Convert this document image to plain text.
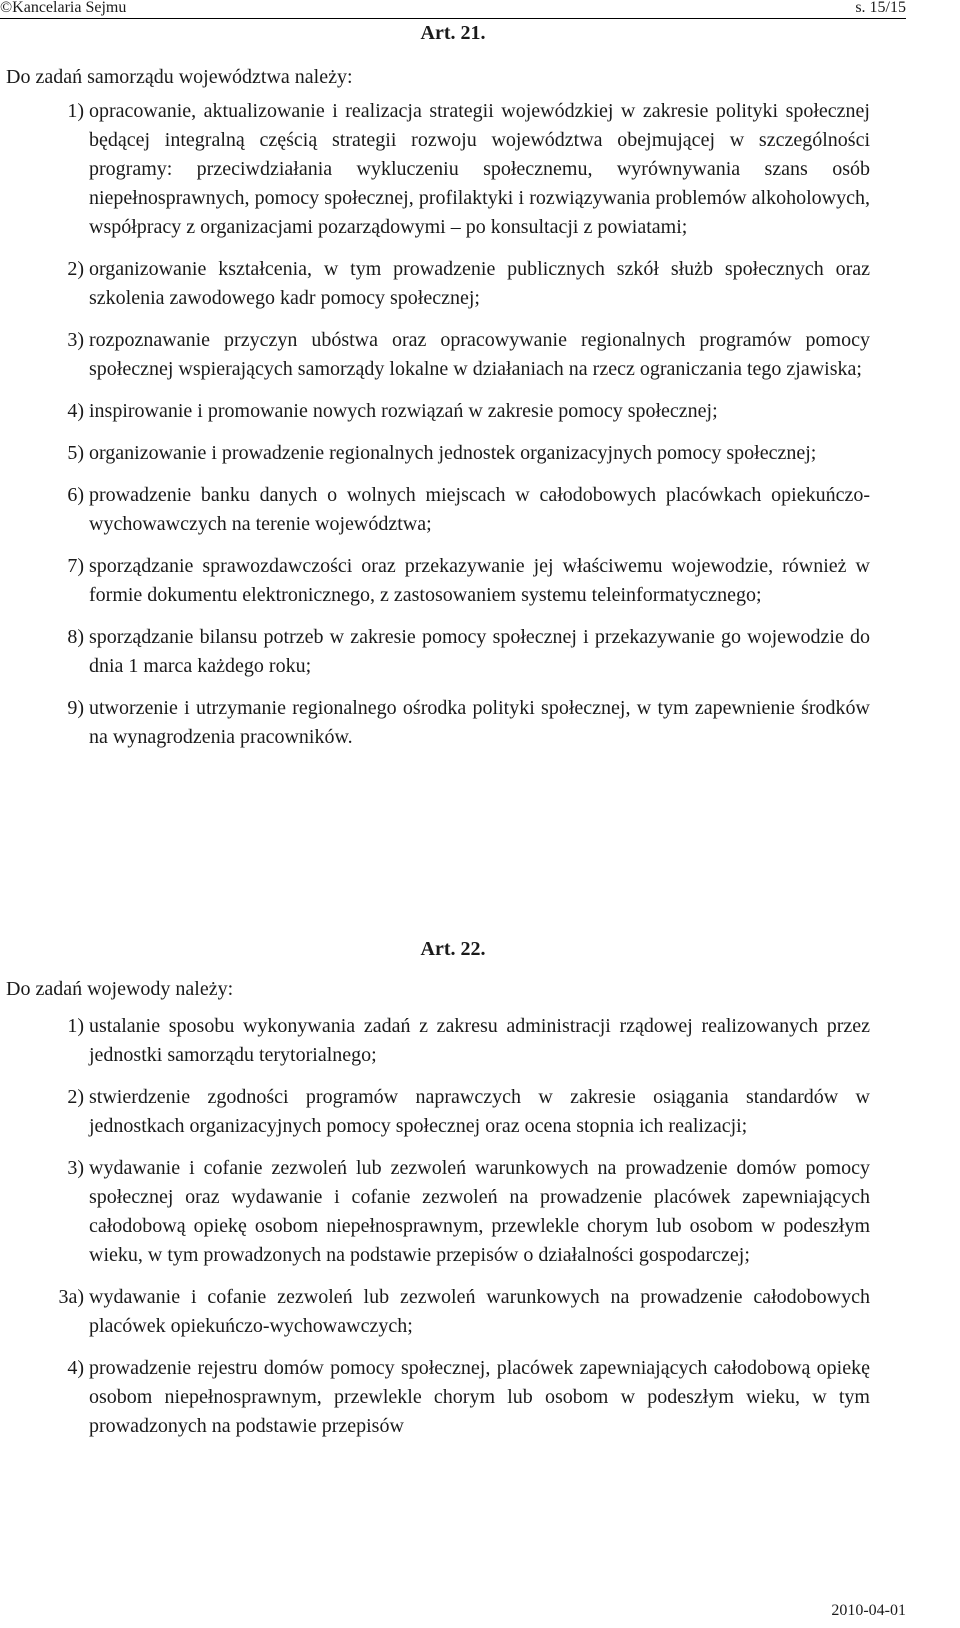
©Kancelaria Sejmu	s. 15/15
Art. 21.
Do zadań samorządu województwa należy:
1) opracowanie, aktualizowanie i realizacja strategii wojewódzkiej w zakresie polityki społecznej będącej integralną częścią strategii rozwoju województwa obejmującej w szczególności programy: przeciwdziałania wykluczeniu społecznemu, wyrównywania szans osób niepełnosprawnych, pomocy społecznej, profilaktyki i rozwiązywania problemów alkoholowych, współpracy z organizacjami pozarządowymi – po konsultacji z powiatami;
2) organizowanie kształcenia, w tym prowadzenie publicznych szkół służb społecznych oraz szkolenia zawodowego kadr pomocy społecznej;
3) rozpoznawanie przyczyn ubóstwa oraz opracowywanie regionalnych programów pomocy społecznej wspierających samorządy lokalne w działaniach na rzecz ograniczania tego zjawiska;
4) inspirowanie i promowanie nowych rozwiązań w zakresie pomocy społecznej;
5) organizowanie i prowadzenie regionalnych jednostek organizacyjnych pomocy społecznej;
6) prowadzenie banku danych o wolnych miejscach w całodobowych placówkach opiekuńczo-wychowawczych na terenie województwa;
7) sporządzanie sprawozdawczości oraz przekazywanie jej właściwemu wojewodzie, również w formie dokumentu elektronicznego, z zastosowaniem systemu teleinformatycznego;
8) sporządzanie bilansu potrzeb w zakresie pomocy społecznej i przekazywanie go wojewodzie do dnia 1 marca każdego roku;
9) utworzenie i utrzymanie regionalnego ośrodka polityki społecznej, w tym zapewnienie środków na wynagrodzenia pracowników.
Art. 22.
Do zadań wojewody należy:
1) ustalanie sposobu wykonywania zadań z zakresu administracji rządowej realizowanych przez jednostki samorządu terytorialnego;
2) stwierdzenie zgodności programów naprawczych w zakresie osiągania standardów w jednostkach organizacyjnych pomocy społecznej oraz ocena stopnia ich realizacji;
3) wydawanie i cofanie zezwoleń lub zezwoleń warunkowych na prowadzenie domów pomocy społecznej oraz wydawanie i cofanie zezwoleń na prowadzenie placówek zapewniających całodobową opiekę osobom niepełnosprawnym, przewlekle chorym lub osobom w podeszłym wieku, w tym prowadzonych na podstawie przepisów o działalności gospodarczej;
3a) wydawanie i cofanie zezwoleń lub zezwoleń warunkowych na prowadzenie całodobowych placówek opiekuńczo-wychowawczych;
4) prowadzenie rejestru domów pomocy społecznej, placówek zapewniających całodobową opiekę osobom niepełnosprawnym, przewlekle chorym lub osobom w podeszłym wieku, w tym prowadzonych na podstawie przepisów
2010-04-01
